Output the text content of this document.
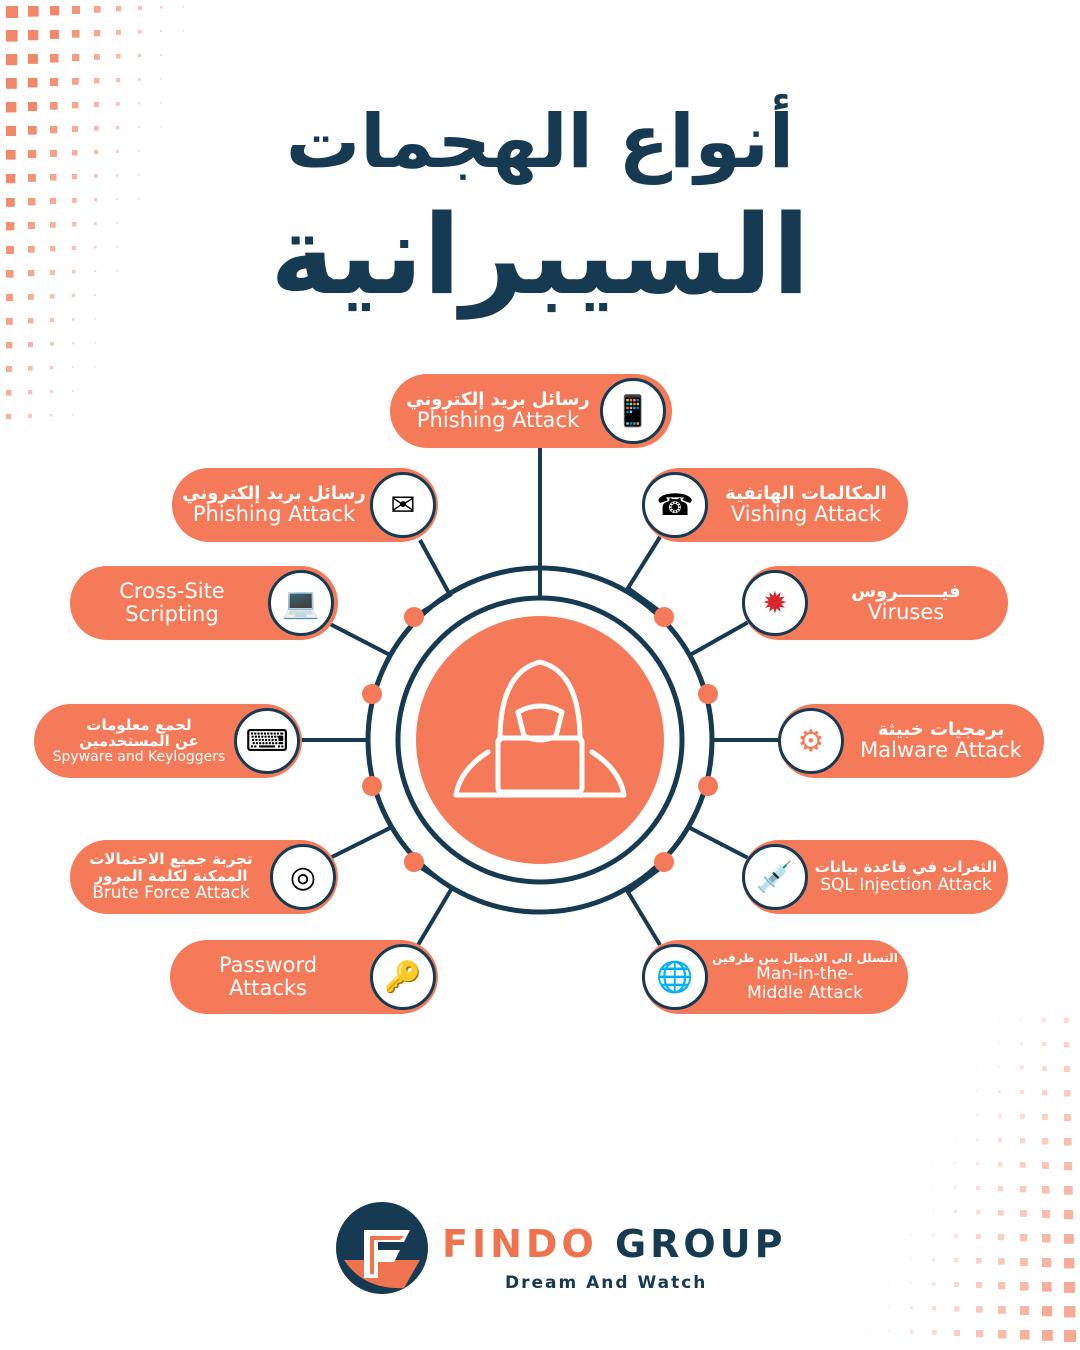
أنواع الهجمات
السيبرانية
رسائل بريد إلكتروني
Phishing Attack	📱
رسائل بريد إلكتروني
Phishing Attack	✉
Cross-Site
Scripting	💻
لجمع معلومات
عن المستخدمين
Spyware and Keyloggers ⌨
تجربة جميع الاحتمالات
الممكنة لكلمة المرور
Brute Force Attack	◎
Password
Attacks	🔑
المكالمات الهاتفية
Vishing Attack
☎
فيـــــــروس
Viruses
✹
برمجيات خبيثة
Malware Attack
⚙
الثغرات في قاعدة بيانات
SQL Injection Attack
💉
التسلل الى الاتصال بين طرفين
Man-in-the-
Middle Attack
🌐
FINDO GROUP
Dream And Watch
